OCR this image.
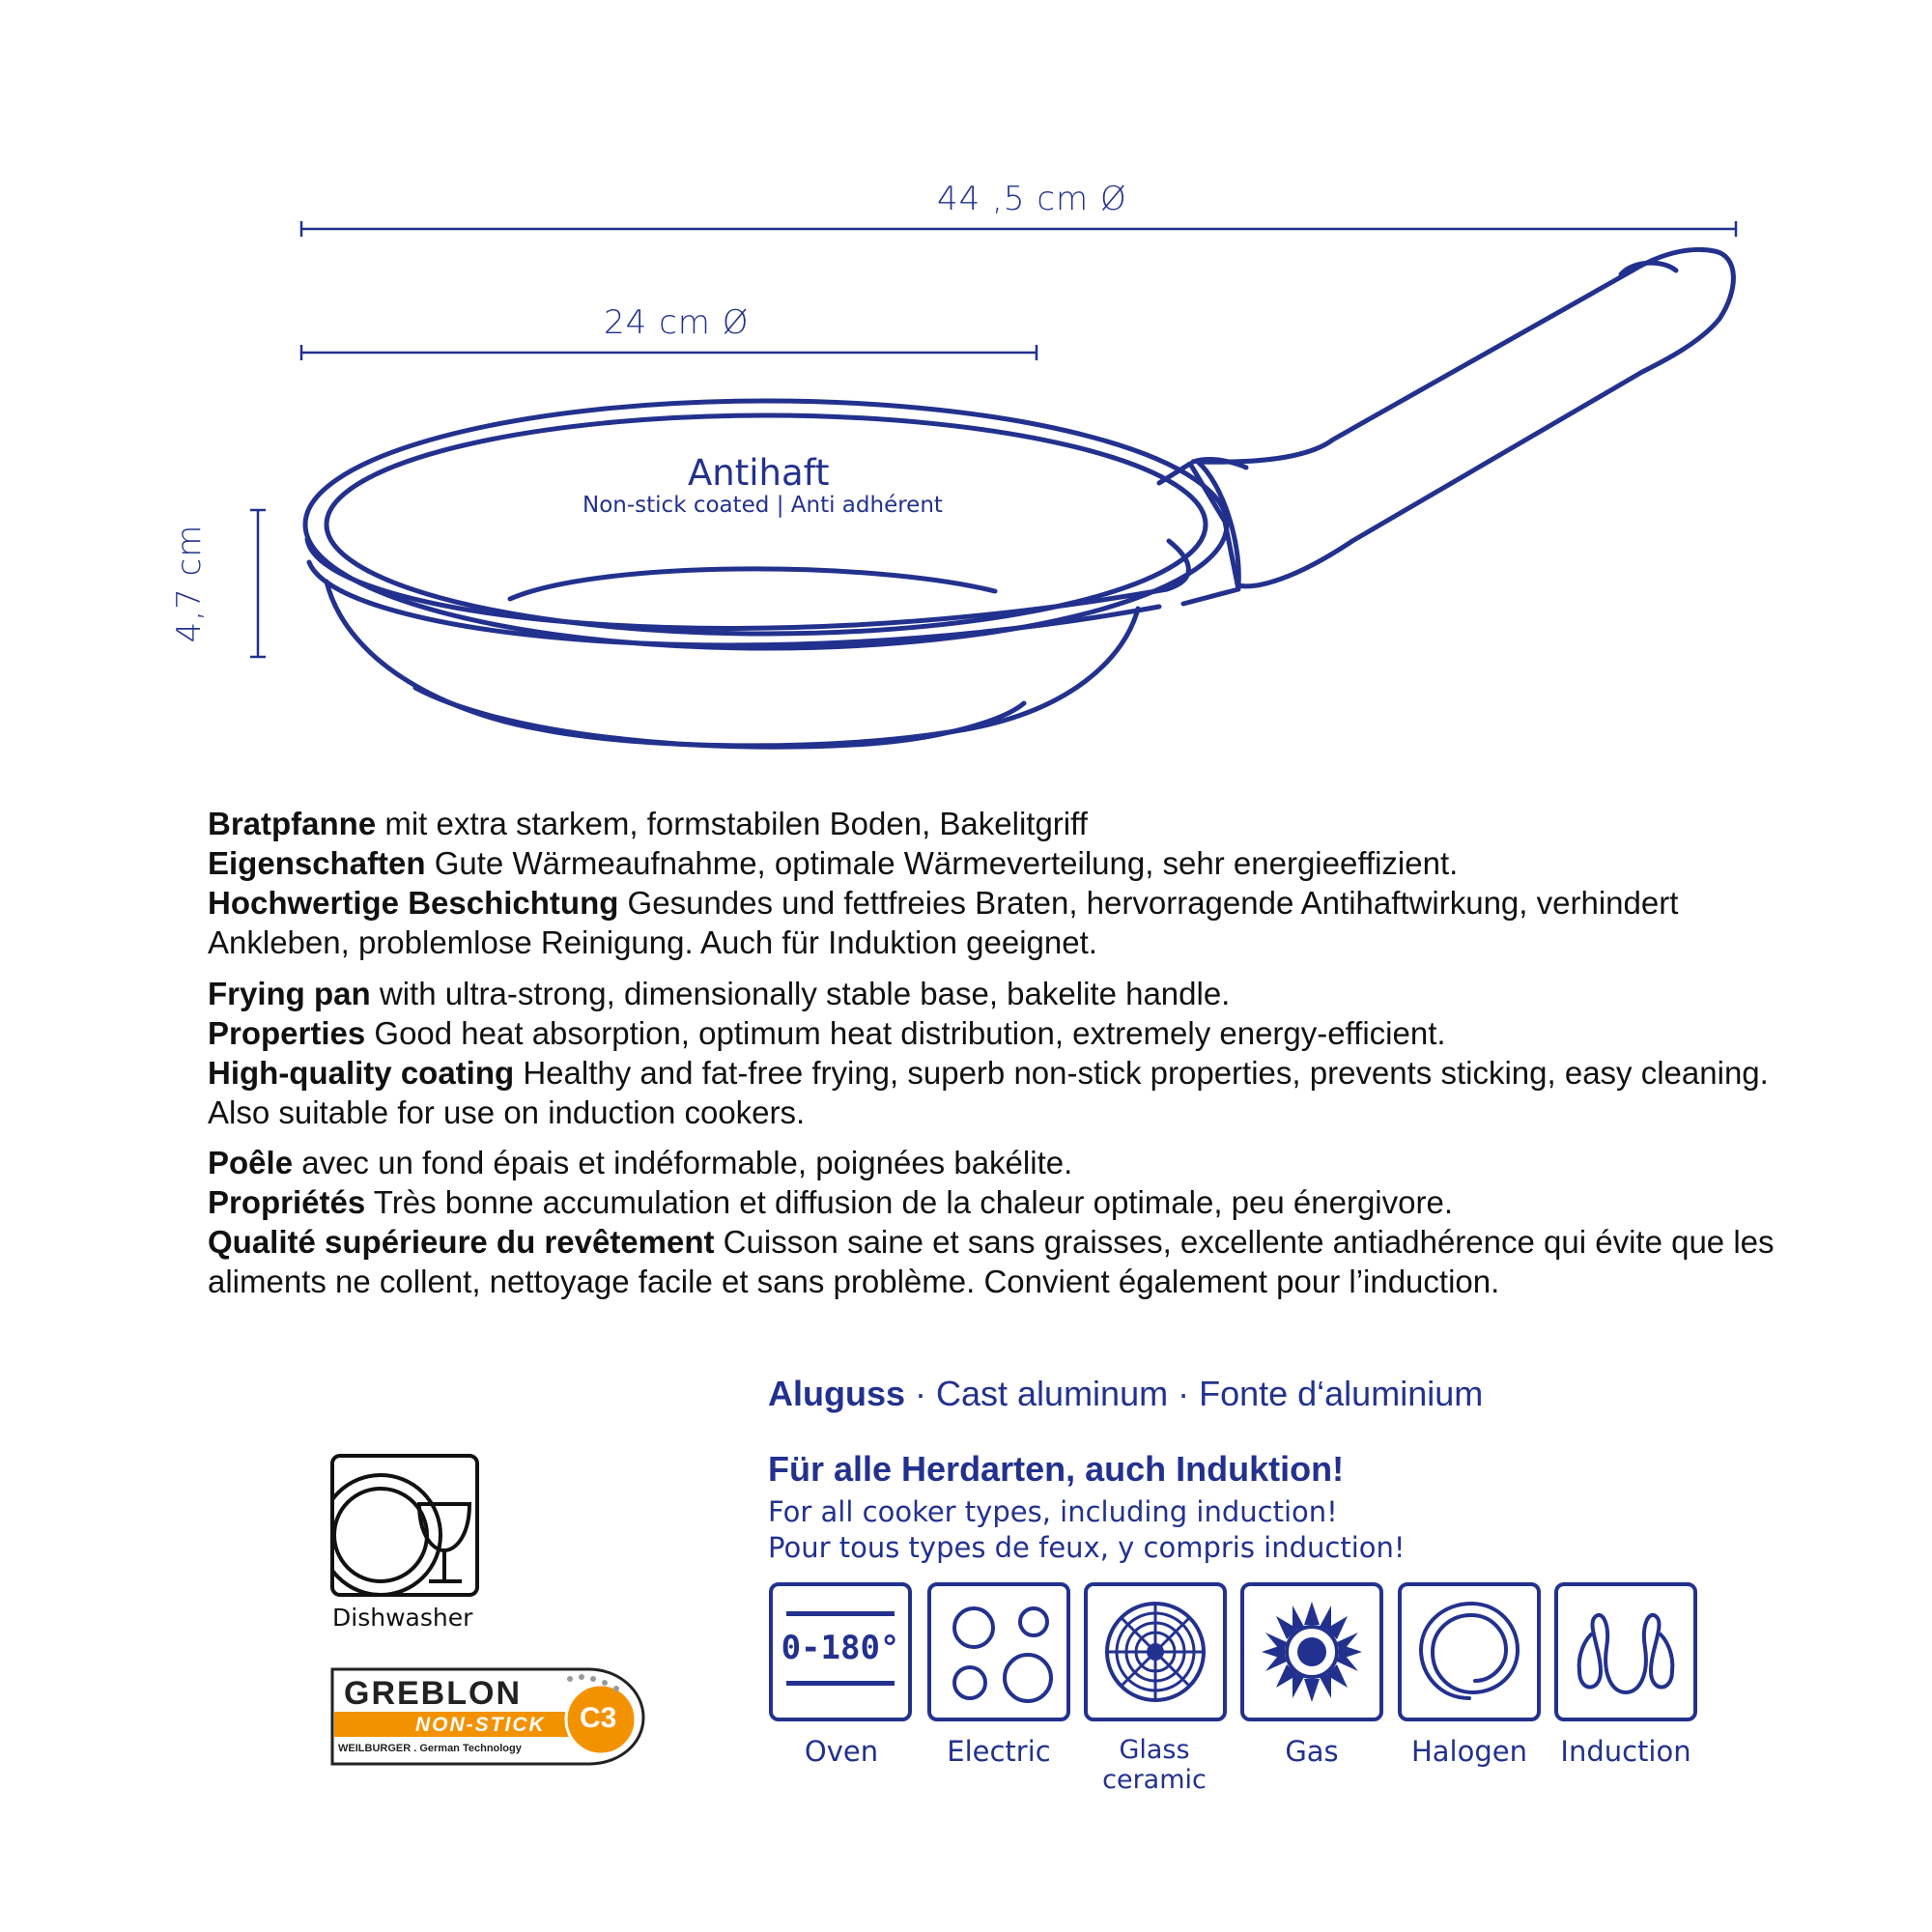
44 ,5 cm Ø
24 cm Ø
4,7 cm
Antihaft
Non-stick coated | Anti adhérent

Bratpfanne mit extra starkem, formstabilen Boden, Bakelitgriff

Eigenschaften Gute Wärmeaufnahme, optimale Wärmeverteilung, sehr energieeffizient.

Hochwertige Beschichtung Gesundes und fettfreies Braten, hervorragende Antihaftwirkung, verhindert Ankleben, problemlose Reinigung. Auch für Induktion geeignet.

Frying pan with ultra-strong, dimensionally stable base, bakelite handle.

Properties Good heat absorption, optimum heat distribution, extremely energy-efficient.

High-quality coating Healthy and fat-free frying, superb non-stick properties, prevents sticking, easy cleaning. Also suitable for use on induction cookers.

Poêle avec un fond épais et indéformable, poignées bakélite.

Propriétés Très bonne accumulation et diffusion de la chaleur optimale, peu énergivore.

Qualité supérieure du revêtement Cuisson saine et sans graisses, excellente antiadhérence qui évite que les aliments ne collent, nettoyage facile et sans problème. Convient également pour l’induction.

Aluguss · Cast aluminum · Fonte d‘aluminium
Für alle Herdarten, auch Induktion!
For all cooker types, including induction!
Pour tous types de feux, y compris induction!
0-180°
Oven	Electric	Glass ceramic
Gas	Halogen	Induction
Dishwasher
GREBLON
NON-STICK C3
WEILBURGER . German Technology
